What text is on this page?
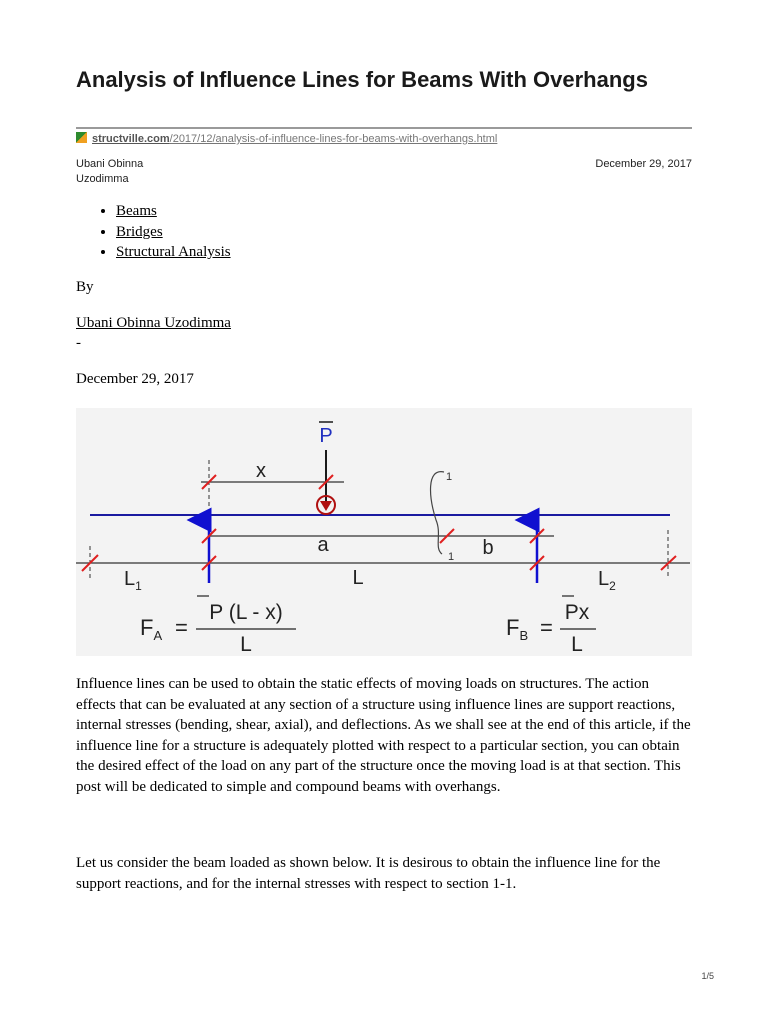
Analysis of Influence Lines for Beams With Overhangs
structville.com/2017/12/analysis-of-influence-lines-for-beams-with-overhangs.html
Ubani Obinna Uzodimma
December 29, 2017
• Beams
• Bridges
• Structural Analysis
By
Ubani Obinna Uzodimma
-
December 29, 2017
P
1
1
x
a	b
$L_1$	L	$L_2$
$F_A$ =
P (L - x)
L
$F_B$ =
Px
L

Influence lines can be used to obtain the static effects of moving loads on structures. The action effects that can be evaluated at any section of a structure using influence lines are support reactions, internal stresses (bending, shear, axial), and deflections. As we shall see at the end of this article, if the influence line for a structure is adequately plotted with respect to a particular section, you can obtain the desired effect of the load on any part of the structure once the moving load is at that section. This post will be dedicated to simple and compound beams with overhangs.

Let us consider the beam loaded as shown below. It is desirous to obtain the influence line for the support reactions, and for the internal stresses with respect to section 1-1.

1/5
